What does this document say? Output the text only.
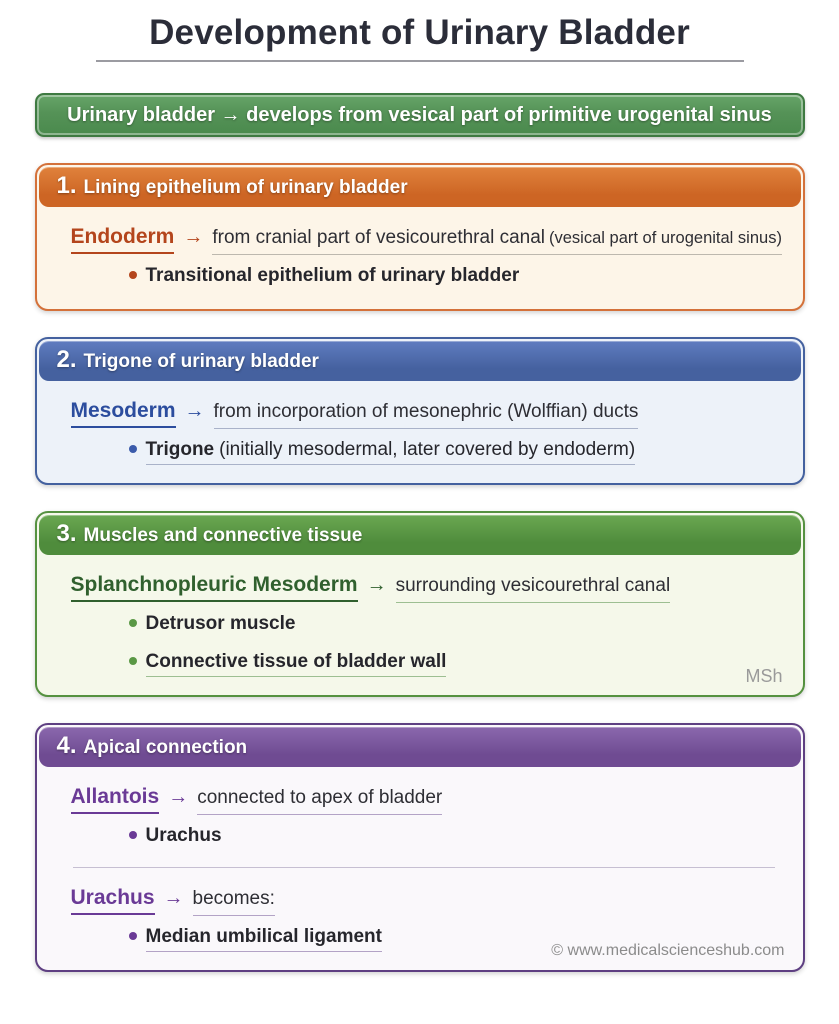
Development of Urinary Bladder
Urinary bladder → develops from vesical part of primitive urogenital sinus
1. Lining epithelium of urinary bladder
Endoderm → from cranial part of vesicourethral canal (vesical part of urogenital sinus)
Transitional epithelium of urinary bladder
2. Trigone of urinary bladder
Mesoderm → from incorporation of mesonephric (Wolffian) ducts
Trigone (initially mesodermal, later covered by endoderm)
3. Muscles and connective tissue
Splanchnopleuric Mesoderm → surrounding vesicourethral canal
Detrusor muscle
Connective tissue of bladder wall
MSh
4. Apical connection
Allantois → connected to apex of bladder
Urachus
Urachus → becomes:
Median umbilical ligament
© www.medicalscienceshub.com
